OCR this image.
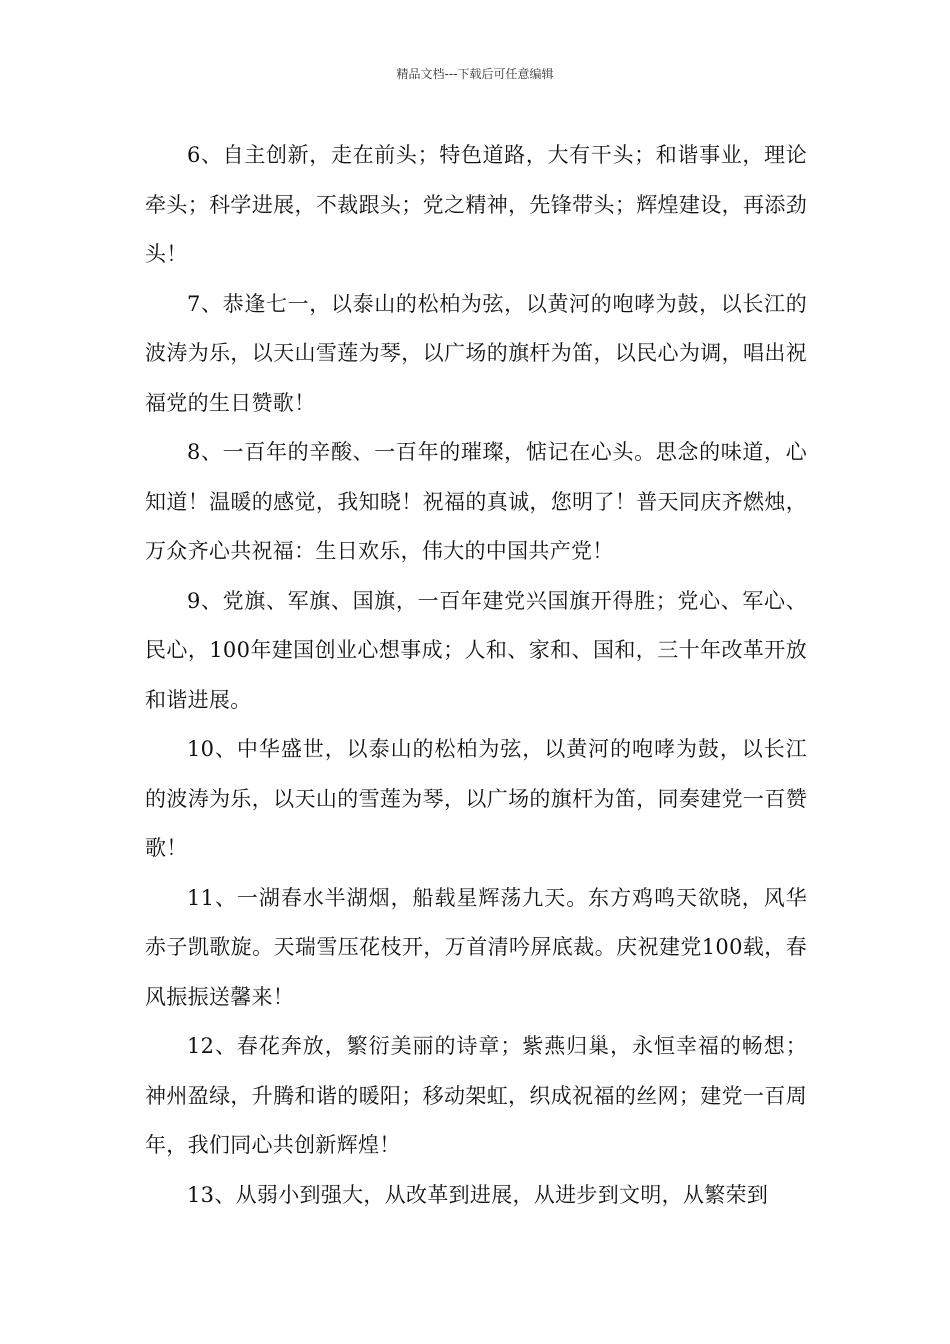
精品文档---下载后可任意编辑

6、自主创新，走在前头；特色道路，大有干头；和谐事业，理论牵头；科学进展，不裁跟头；党之精神，先锋带头；辉煌建设，再添劲头！

7、恭逢七一，以泰山的松柏为弦，以黄河的咆哮为鼓，以长江的波涛为乐，以天山雪莲为琴，以广场的旗杆为笛，以民心为调，唱出祝福党的生日赞歌！

8、一百年的辛酸、一百年的璀璨，惦记在心头。思念的味道，心知道！温暖的感觉，我知晓！祝福的真诚，您明了！普天同庆齐燃烛，万众齐心共祝福：生日欢乐，伟大的中国共产党！

9、党旗、军旗、国旗，一百年建党兴国旗开得胜；党心、军心、民心，100年建国创业心想事成；人和、家和、国和，三十年改革开放和谐进展。

10、中华盛世，以泰山的松柏为弦，以黄河的咆哮为鼓，以长江的波涛为乐，以天山的雪莲为琴，以广场的旗杆为笛，同奏建党一百赞歌！

11、一湖春水半湖烟，船载星辉荡九天。东方鸡鸣天欲晓，风华赤子凯歌旋。天瑞雪压花枝开，万首清吟屏底裁。庆祝建党100载，春风振振送馨来！

12、春花奔放，繁衍美丽的诗章；紫燕归巢，永恒幸福的畅想；神州盈绿，升腾和谐的暖阳；移动架虹，织成祝福的丝网；建党一百周年，我们同心共创新辉煌！

13、从弱小到强大，从改革到进展，从进步到文明，从繁荣到
